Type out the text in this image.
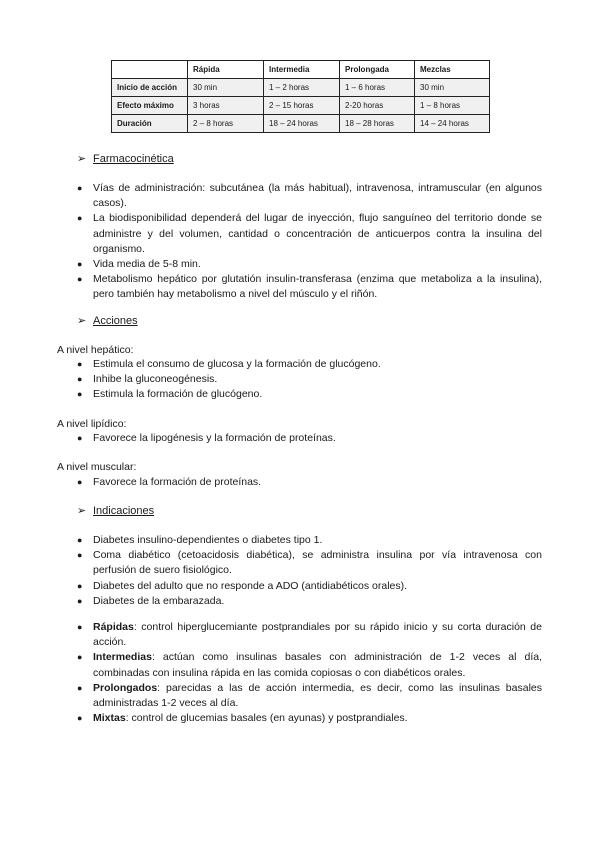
	Rápida	Intermedia	Prolongada	Mezclas
Inicio de acción	30 min	1 – 2 horas	1 – 6 horas	30 min
Efecto máximo	3 horas	2 – 15 horas	2-20 horas	1 – 8 horas
Duración	2 – 8 horas	18 – 24 horas	18 – 28 horas	14 – 24 horas
➢ Farmacocinética
●	Vías de administración: subcutánea (la más habitual), intravenosa, intramuscular (en algunos casos).
●	La biodisponibilidad dependerá del lugar de inyección, flujo sanguíneo del territorio donde se administre y del volumen, cantidad o concentración de anticuerpos contra la insulina del organismo.
●	Vida media de 5-8 min.
●	Metabolismo hepático por glutatión insulin-transferasa (enzima que metaboliza a la insulina), pero también hay metabolismo a nivel del músculo y el riñón.
➢ Acciones
A nivel hepático:
●	Estimula el consumo de glucosa y la formación de glucógeno.
●	Inhibe la gluconeogénesis.
●	Estimula la formación de glucógeno.
A nivel lipídico:
●	Favorece la lipogénesis y la formación de proteínas.
A nivel muscular:
●	Favorece la formación de proteínas.
➢ Indicaciones
●	Diabetes insulino-dependientes o diabetes tipo 1.
●	Coma diabético (cetoacidosis diabética), se administra insulina por vía intravenosa con perfusión de suero fisiológico.
●	Diabetes del adulto que no responde a ADO (antidiabéticos orales).
●	Diabetes de la embarazada.
●	Rápidas: control hiperglucemiante postprandiales por su rápido inicio y su corta duración de acción.
●	Intermedias: actúan como insulinas basales con administración de 1-2 veces al día, combinadas con insulina rápida en las comida copiosas o con diabéticos orales.
●	Prolongados: parecidas a las de acción intermedia, es decir, como las insulinas basales administradas 1-2 veces al día.
●	Mixtas: control de glucemias basales (en ayunas) y postprandiales.
